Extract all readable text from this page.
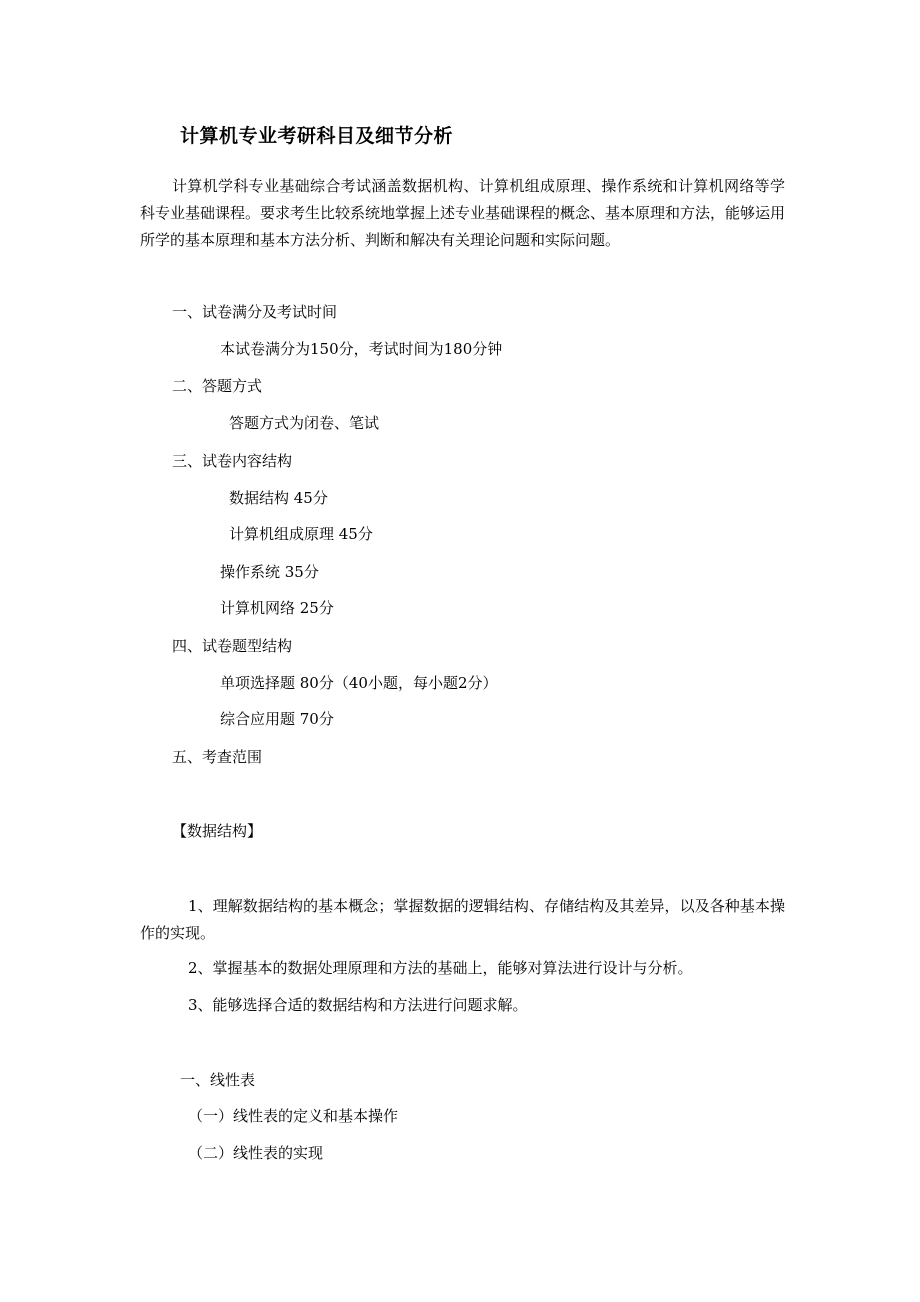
计算机专业考研科目及细节分析
计算机学科专业基础综合考试涵盖数据机构、计算机组成原理、操作系统和计算机网络等学科专业基础课程。要求考生比较系统地掌握上述专业基础课程的概念、基本原理和方法，能够运用所学的基本原理和基本方法分析、判断和解决有关理论问题和实际问题。
一、试卷满分及考试时间
本试卷满分为150分，考试时间为180分钟
二、答题方式
答题方式为闭卷、笔试
三、试卷内容结构
数据结构 45分
计算机组成原理 45分
操作系统 35分
计算机网络 25分
四、试卷题型结构
单项选择题 80分（40小题，每小题2分）
综合应用题 70分
五、考查范围
【数据结构】
1、理解数据结构的基本概念；掌握数据的逻辑结构、存储结构及其差异，以及各种基本操作的实现。
2、掌握基本的数据处理原理和方法的基础上，能够对算法进行设计与分析。
3、能够选择合适的数据结构和方法进行问题求解。
一、线性表
（一）线性表的定义和基本操作
（二）线性表的实现
